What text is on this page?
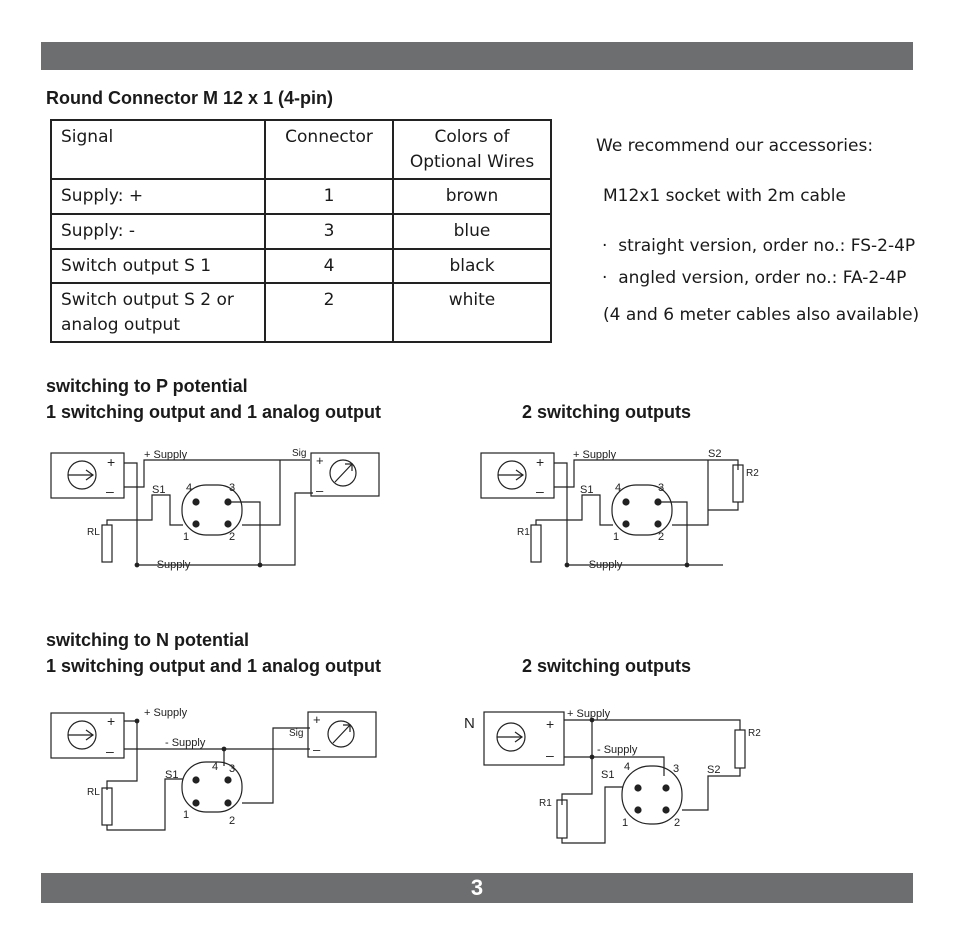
Round Connector M 12 x 1 (4-pin)
Signal	Connector	Colors of Optional Wires
Supply: +	1	brown
Supply: -	3	blue
Switch output S 1	4	black
Switch output S 2 or analog output	2	white
We recommend our accessories:
M12x1 socket with 2m cable
·  straight version, order no.: FS-2-4P
·  angled version, order no.: FA-2-4P
(4 and 6 meter cables also available)
switching to P potential
1 switching output and 1 analog output	2 switching outputs
switching to N potential
1 switching output and 1 analog output	2 switching outputs
+
–
+ Supply
- Supply
RL
S1 4	3
1	2
+
–
Sig
+
–
+ Supply
- Supply
R1
S1 4	3
1	2
S2
R2
+
–
+ Supply
- Supply
RL
S1
4 3
1	2
+
–
Sig
N	+
–
+ Supply
- Supply
R1
S1
4	3
1	2
S2
R2
3
